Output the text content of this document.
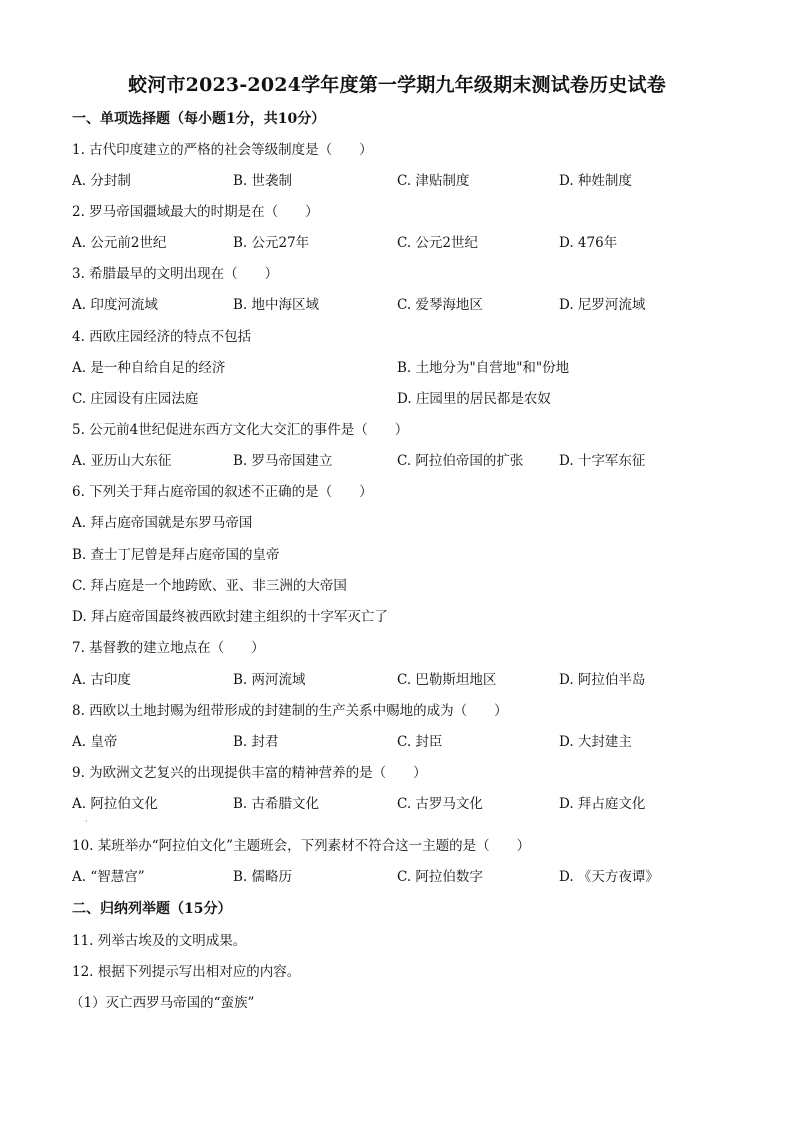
蛟河市2023-2024学年度第一学期九年级期末测试卷历史试卷
一、单项选择题（每小题1分，共10分）
1. 古代印度建立的严格的社会等级制度是（　　）
A. 分封制	B. 世袭制	C. 津贴制度	D. 种姓制度
2. 罗马帝国疆域最大的时期是在（　　）
A. 公元前2世纪	B. 公元27年	C. 公元2世纪	D. 476年
3. 希腊最早的文明出现在（　　）
A. 印度河流域	B. 地中海区域	C. 爱琴海地区	D. 尼罗河流域
4. 西欧庄园经济的特点不包括
A. 是一种自给自足的经济	B. 土地分为"自营地"和"份地
C. 庄园设有庄园法庭	D. 庄园里的居民都是农奴
5. 公元前4世纪促进东西方文化大交汇的事件是（　　）
A. 亚历山大东征	B. 罗马帝国建立	C. 阿拉伯帝国的扩张	D. 十字军东征
6. 下列关于拜占庭帝国的叙述不正确的是（　　）
A. 拜占庭帝国就是东罗马帝国
B. 查士丁尼曾是拜占庭帝国的皇帝
C. 拜占庭是一个地跨欧、亚、非三洲的大帝国
D. 拜占庭帝国最终被西欧封建主组织的十字军灭亡了
7. 基督教的建立地点在（　　）
A. 古印度	B. 两河流域	C. 巴勒斯坦地区	D. 阿拉伯半岛
8. 西欧以土地封赐为纽带形成的封建制的生产关系中赐地的成为（　　）
A. 皇帝	B. 封君	C. 封臣	D. 大封建主
9. 为欧洲文艺复兴的出现提供丰富的精神营养的是（　　）
A. 阿拉伯文化	B. 古希腊文化	C. 古罗马文化	D. 拜占庭文化
·
10. 某班举办“阿拉伯文化”主题班会，下列素材不符合这一主题的是（　　）
A. “智慧宫”	B. 儒略历	C. 阿拉伯数字	D. 《天方夜谭》
二、归纳列举题（15分）
11. 列举古埃及的文明成果。
12. 根据下列提示写出相对应的内容。
（1）灭亡西罗马帝国的“蛮族”
